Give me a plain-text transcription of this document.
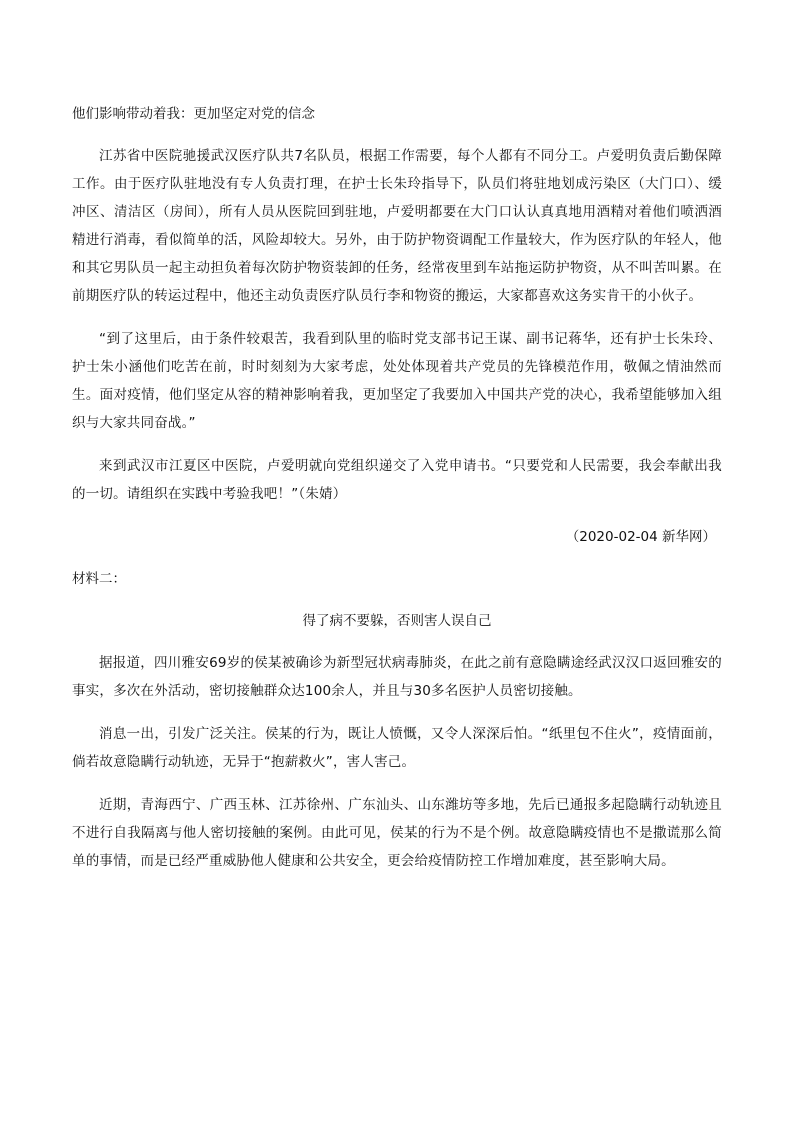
他们影响带动着我：更加坚定对党的信念

江苏省中医院驰援武汉医疗队共7名队员，根据工作需要，每个人都有不同分工。卢爱明负责后勤保障工作。由于医疗队驻地没有专人负责打理，在护士长朱玲指导下，队员们将驻地划成污染区（大门口）、缓冲区、清洁区（房间），所有人员从医院回到驻地，卢爱明都要在大门口认认真真地用酒精对着他们喷洒酒精进行消毒，看似简单的活，风险却较大。另外，由于防护物资调配工作量较大，作为医疗队的年轻人，他和其它男队员一起主动担负着每次防护物资装卸的任务，经常夜里到车站拖运防护物资，从不叫苦叫累。在前期医疗队的转运过程中，他还主动负责医疗队员行李和物资的搬运，大家都喜欢这务实肯干的小伙子。

“到了这里后，由于条件较艰苦，我看到队里的临时党支部书记王谋、副书记蒋华，还有护士长朱玲、护士朱小涵他们吃苦在前，时时刻刻为大家考虑，处处体现着共产党员的先锋模范作用，敬佩之情油然而生。面对疫情，他们坚定从容的精神影响着我，更加坚定了我要加入中国共产党的决心，我希望能够加入组织与大家共同奋战。”

来到武汉市江夏区中医院，卢爱明就向党组织递交了入党申请书。“只要党和人民需要，我会奉献出我的一切。请组织在实践中考验我吧！”（朱婧）

（2020-02-04 新华网）
材料二：
得了病不要躲，否则害人误自己

据报道，四川雅安69岁的侯某被确诊为新型冠状病毒肺炎，在此之前有意隐瞒途经武汉汉口返回雅安的事实，多次在外活动，密切接触群众达100余人，并且与30多名医护人员密切接触。

消息一出，引发广泛关注。侯某的行为，既让人愤慨，又令人深深后怕。“纸里包不住火”，疫情面前，倘若故意隐瞒行动轨迹，无异于“抱薪救火”，害人害己。

近期，青海西宁、广西玉林、江苏徐州、广东汕头、山东潍坊等多地，先后已通报多起隐瞒行动轨迹且不进行自我隔离与他人密切接触的案例。由此可见，侯某的行为不是个例。故意隐瞒疫情也不是撒谎那么简单的事情，而是已经严重威胁他人健康和公共安全，更会给疫情防控工作增加难度，甚至影响大局。
